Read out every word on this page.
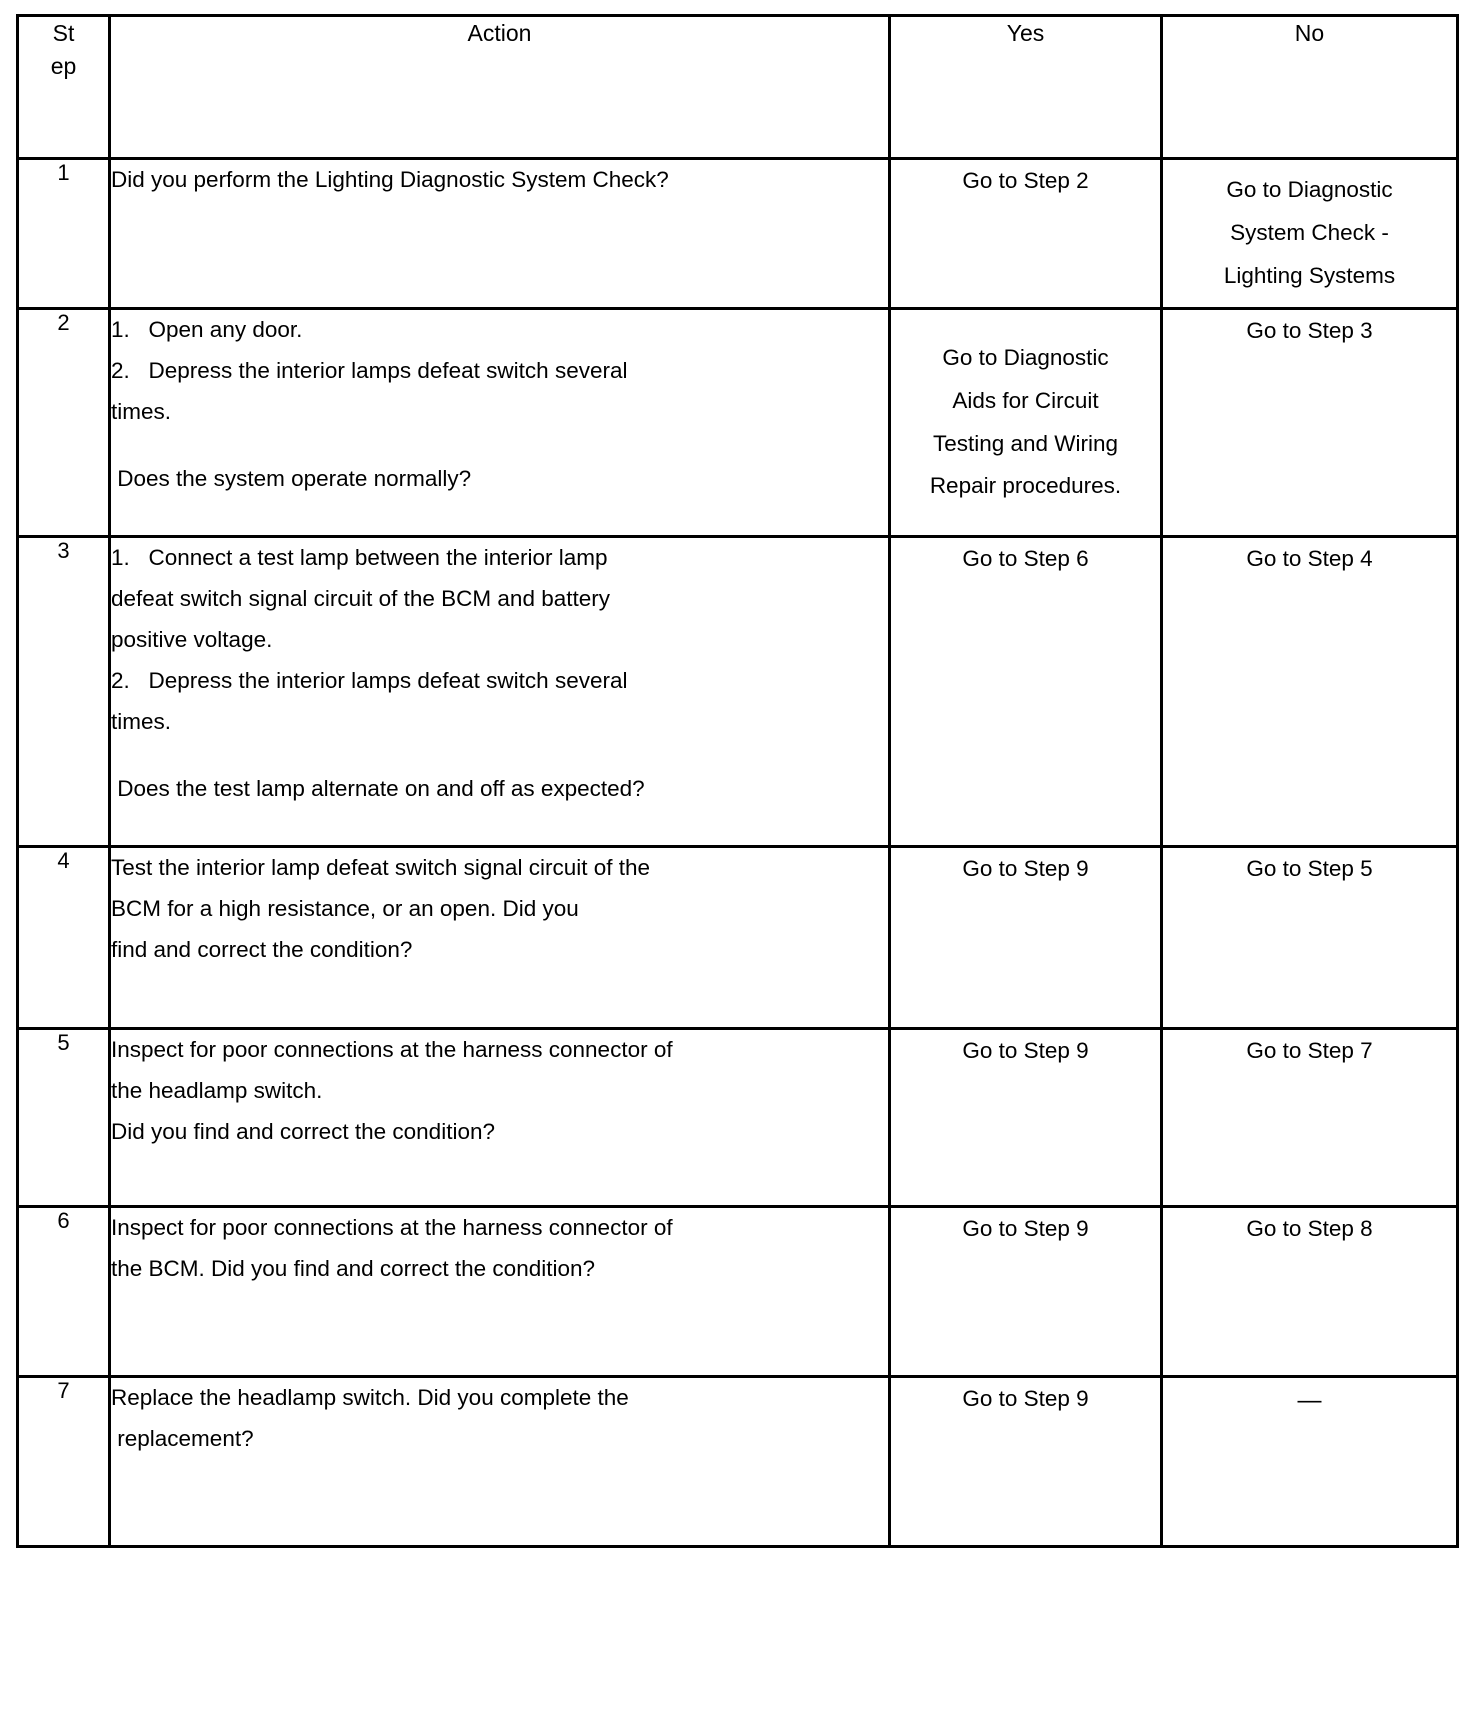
St
ep	Action	Yes	No
1	Did you perform the Lighting Diagnostic System Check?	Go to Step 2	Go to Diagnostic
System Check -
Lighting Systems

2	1.   Open any door.
2.   Depress the interior lamps defeat switch several
times.
Does the system operate normally?	Go to Diagnostic
Aids for Circuit
Testing and Wiring
Repair procedures.	Go to Step 3

3	1.   Connect a test lamp between the interior lamp
defeat switch signal circuit of the BCM and battery
positive voltage.
2.   Depress the interior lamps defeat switch several
times.
Does the test lamp alternate on and off as expected?

Go to Step 6	Go to Step 4

4	Test the interior lamp defeat switch signal circuit of the
BCM for a high resistance, or an open. Did you
find and correct the condition?	Go to Step 9	Go to Step 5

5	Inspect for poor connections at the harness connector of
the headlamp switch.
Did you find and correct the condition?	Go to Step 9	Go to Step 7

6	Inspect for poor connections at the harness connector of
the BCM. Did you find and correct the condition?	Go to Step 9	Go to Step 8

7	Replace the headlamp switch. Did you complete the
replacement?	Go to Step 9	—
